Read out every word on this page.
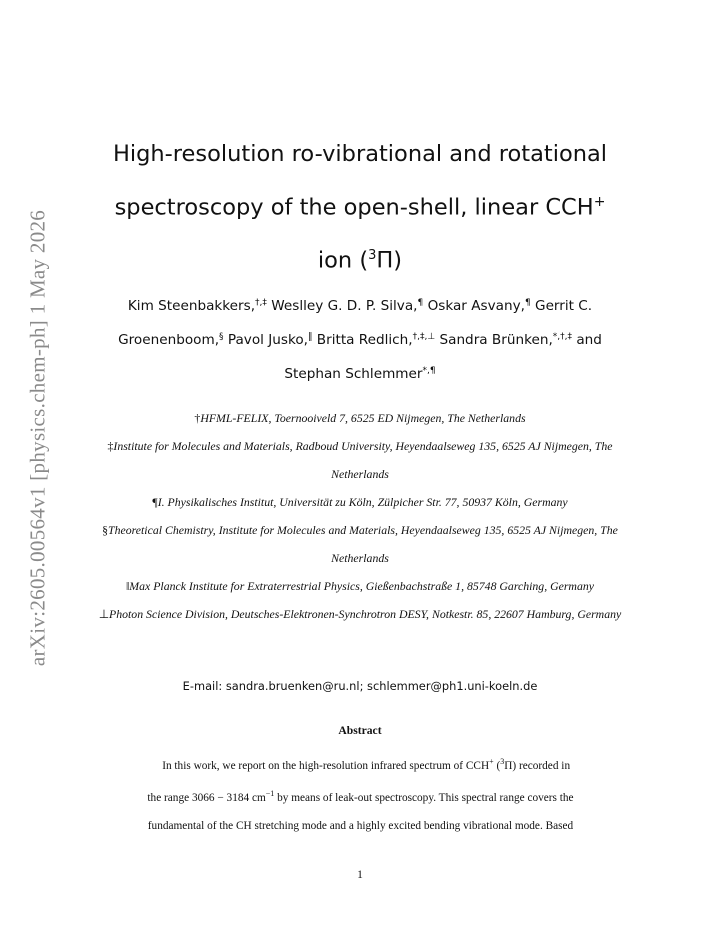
arXiv:2605.00564v1 [physics.chem-ph] 1 May 2026
High-resolution ro-vibrational and rotational
spectroscopy of the open-shell, linear CCH+
ion ($^3$Π)
Kim Steenbakkers,†,‡ Weslley G. D. P. Silva,¶ Oskar Asvany,¶ Gerrit C. Groenenboom,§ Pavol Jusko,‖ Britta Redlich,†,‡,⊥ Sandra Brünken,*,†,‡ and Stephan Schlemmer*,¶
†HFML-FELIX, Toernooiveld 7, 6525 ED Nijmegen, The Netherlands
‡Institute for Molecules and Materials, Radboud University, Heyendaalseweg 135, 6525 AJ Nijmegen, The Netherlands
¶I. Physikalisches Institut, Universität zu Köln, Zülpicher Str. 77, 50937 Köln, Germany
§Theoretical Chemistry, Institute for Molecules and Materials, Heyendaalseweg 135, 6525 AJ Nijmegen, The Netherlands
‖Max Planck Institute for Extraterrestrial Physics, Gießenbachstraße 1, 85748 Garching, Germany
⊥Photon Science Division, Deutsches-Elektronen-Synchrotron DESY, Notkestr. 85, 22607 Hamburg, Germany
E-mail: sandra.bruenken@ru.nl; schlemmer@ph1.uni-koeln.de
Abstract
In this work, we report on the high-resolution infrared spectrum of CCH+ ($^3$Π) recorded in
the range 3066 − 3184 $cm^{-1}$ by means of leak-out spectroscopy. This spectral range covers the
fundamental of the CH stretching mode and a highly excited bending vibrational mode. Based
1
